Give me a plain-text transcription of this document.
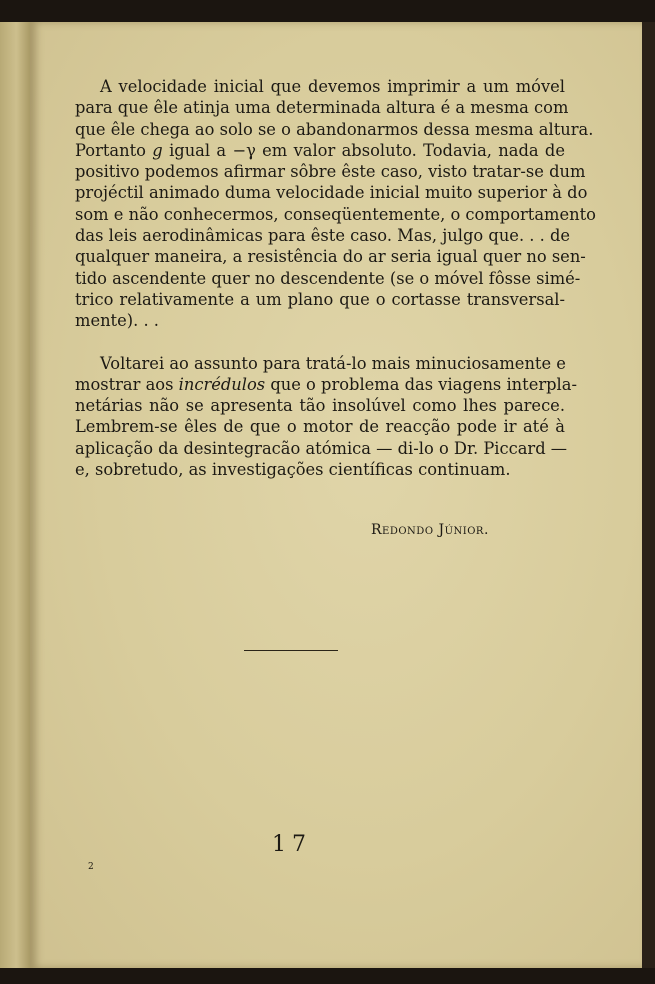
A velocidade inicial que devemos imprimir a um móvel
para que êle atinja uma determinada altura é a mesma com
que êle chega ao solo se o abandonarmos dessa mesma altura.
Portanto g igual a −γ em valor absoluto. Todavia, nada de
positivo podemos afirmar sôbre êste caso, visto tratar-se dum
projéctil animado duma velocidade inicial muito superior à do
som e não conhecermos, conseqüentemente, o comportamento
das leis aerodinâmicas para êste caso. Mas, julgo que. . . de
qualquer maneira, a resistência do ar seria igual quer no sen-
tido ascendente quer no descendente (se o móvel fôsse simé-
trico relativamente a um plano que o cortasse transversal-
mente). . .
Voltarei ao assunto para tratá-lo mais minuciosamente e
mostrar aos incrédulos que o problema das viagens interpla-
netárias não se apresenta tão insolúvel como lhes parece.
Lembrem-se êles de que o motor de reacção pode ir até à
aplicação da desintegracão atómica — di-lo o Dr. Piccard —
e, sobretudo, as investigações científicas continuam.
Redondo Júnior.
17
2
